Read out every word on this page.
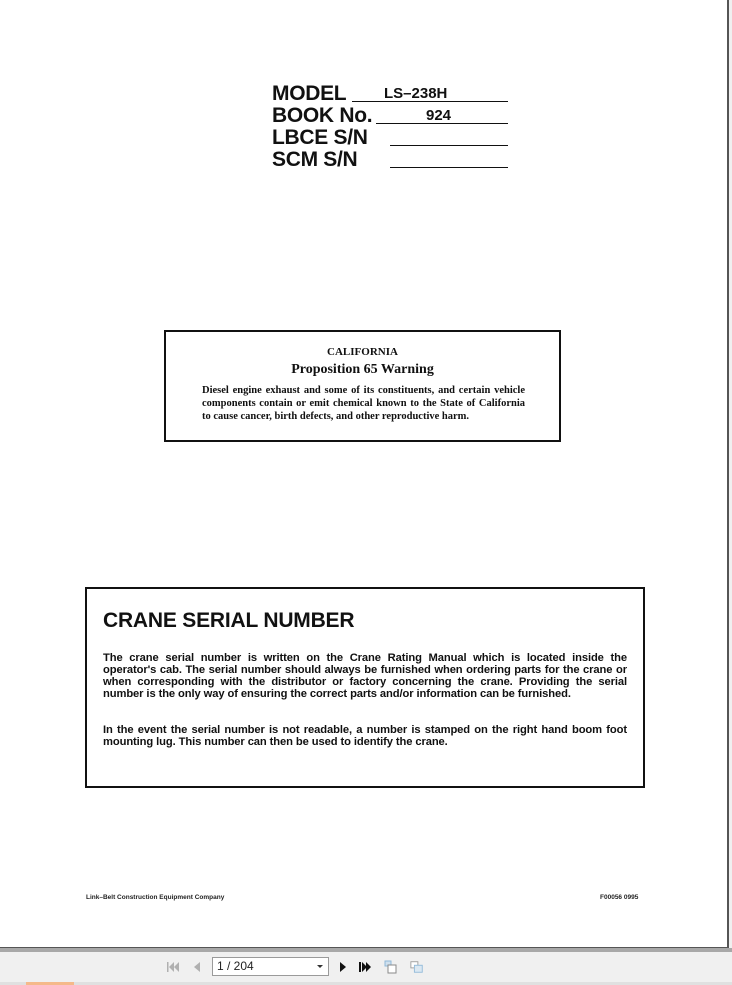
MODEL	LS–238H
BOOK No.	924
LBCE S/N
SCM S/N
CALIFORNIA
Proposition 65 Warning
Diesel engine exhaust and some of its constituents, and certain vehicle components contain or emit chemical known to the State of California to cause cancer, birth defects, and other reproductive harm.
CRANE SERIAL NUMBER
The crane serial number is written on the Crane Rating Manual which is located inside the operator's cab. The serial number should always be furnished when ordering parts for the crane or when corresponding with the distributor or factory concerning the crane. Providing the serial number is the only way of ensuring the correct parts and/or information can be furnished.
In the event the serial number is not readable, a number is stamped on the right hand boom foot mounting lug. This number can then be used to identify the crane.
Link–Belt Construction Equipment Company	F00056 0995
1 / 204
